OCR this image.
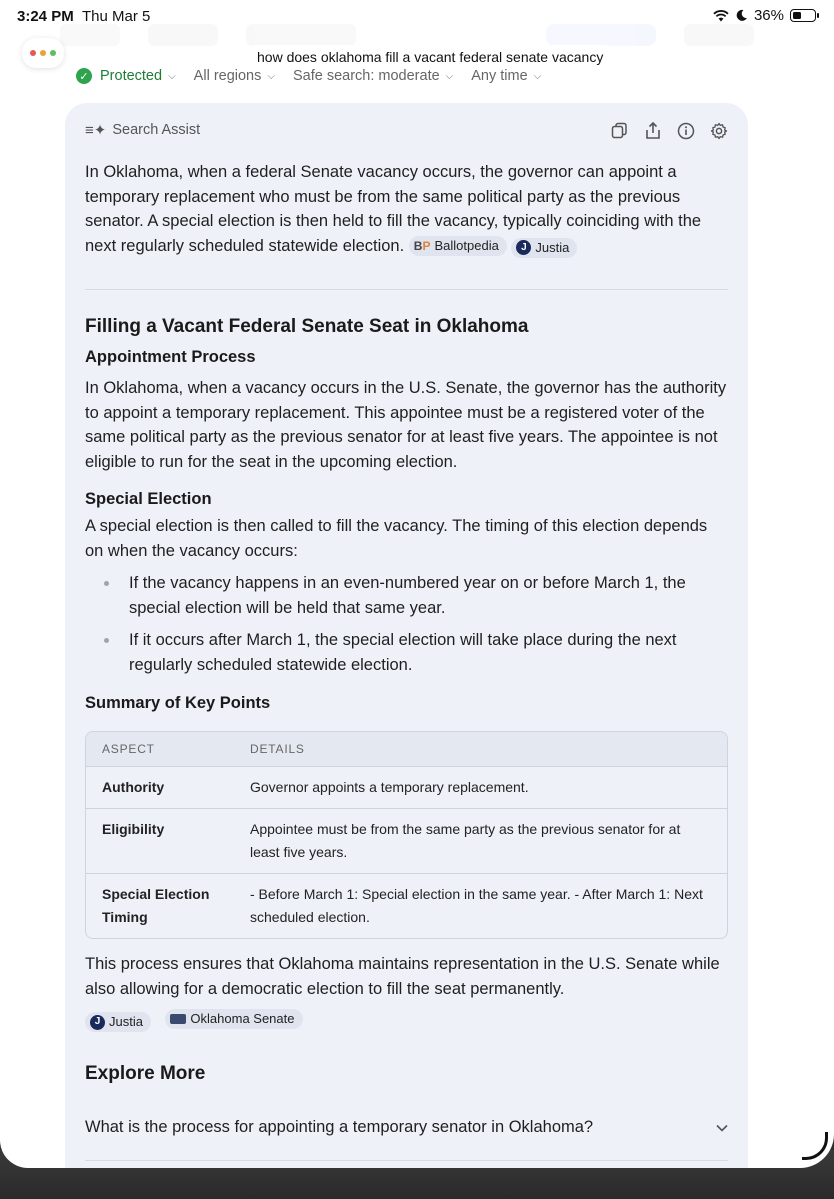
3:24 PM Thu Mar 5	36%
how does oklahoma fill a vacant federal senate vacancy
✓ Protected ⌵ All regions ⌵ Safe search: moderate ⌵ Any time ⌵
≡✦ Search Assist

In Oklahoma, when a federal Senate vacancy occurs, the governor can appoint a temporary replacement who must be from the same political party as the previous senator. A special election is then held to fill the vacancy, typically coinciding with the next regularly scheduled statewide election. BP Ballotpedia
	J Justia

Filling a Vacant Federal Senate Seat in Oklahoma
Appointment Process

In Oklahoma, when a vacancy occurs in the U.S. Senate, the governor has the authority to appoint a temporary replacement. This appointee must be a registered voter of the same political party as the previous senator for at least five years. The appointee is not eligible to run for the seat in the upcoming election.

Special Election

A special election is then called to fill the vacancy. The timing of this election depends on when the vacancy occurs:

If the vacancy happens in an even-numbered year on or before March 1, the special election will be held that same year.
If it occurs after March 1, the special election will take place during the next regularly scheduled statewide election.
Summary of Key Points
ASPECT	DETAILS
Authority	Governor appoints a temporary replacement.
Eligibility	Appointee must be from the same party as the previous senator for at least five years.
Special Election Timing	- Before March 1: Special election in the same year. - After March 1: Next scheduled election.

This process ensures that Oklahoma maintains representation in the U.S. Senate while also allowing for a democratic election to fill the seat permanently.

J Justia
	Oklahoma Senate
Explore More
What is the process for appointing a temporary senator in Oklahoma?
